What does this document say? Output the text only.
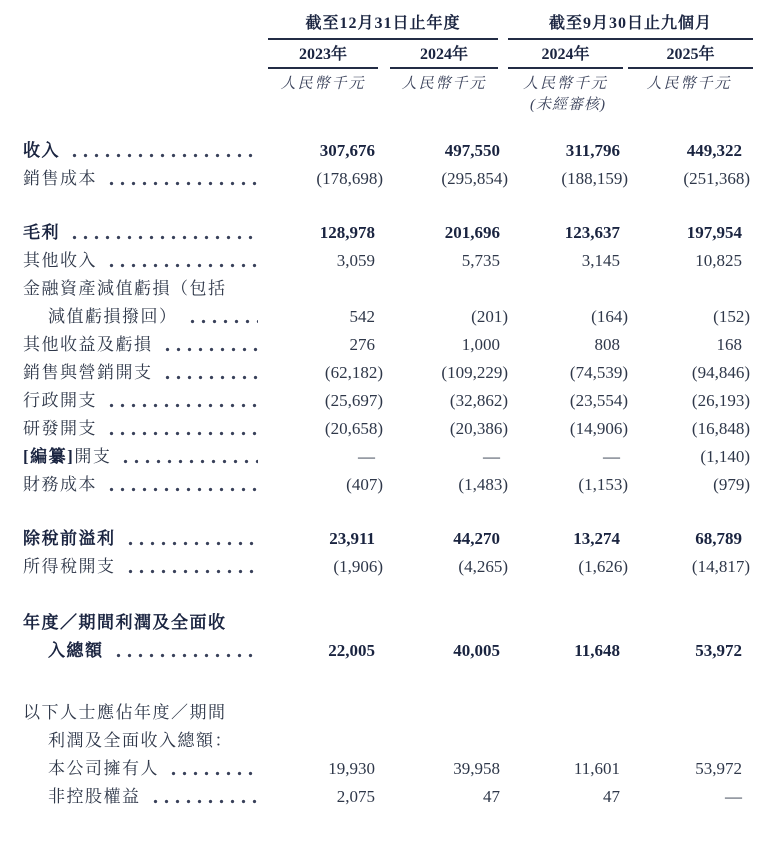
截至12月31日止年度	截至9月30日止九個月
2023年	2024年	2024年	2025年
人民幣千元	人民幣千元	人民幣千元	人民幣千元
(未經審核)
收入	307,676	497,550	311,796	449,322
銷售成本	(178,698)	(295,854)	(188,159)	(251,368)
毛利	128,978	201,696	123,637	197,954
其他收入	3,059	5,735	3,145	10,825
金融資產減值虧損（包括
減值虧損撥回）	542	(201)	(164)	(152)
其他收益及虧損	276	1,000	808	168
銷售與營銷開支	(62,182)	(109,229)	(74,539)	(94,846)
行政開支	(25,697)	(32,862)	(23,554)	(26,193)
研發開支	(20,658)	(20,386)	(14,906)	(16,848)
[編纂] 開支	—	—	—	(1,140)
財務成本	(407)	(1,483)	(1,153)	(979)
除稅前溢利	23,911	44,270	13,274	68,789
所得稅開支	(1,906)	(4,265)	(1,626)	(14,817)
年度／期間利潤及全面收
入總額	22,005	40,005	11,648	53,972
以下人士應佔年度／期間
利潤及全面收入總額：
本公司擁有人	19,930	39,958	11,601	53,972
非控股權益	2,075	47	47	—
